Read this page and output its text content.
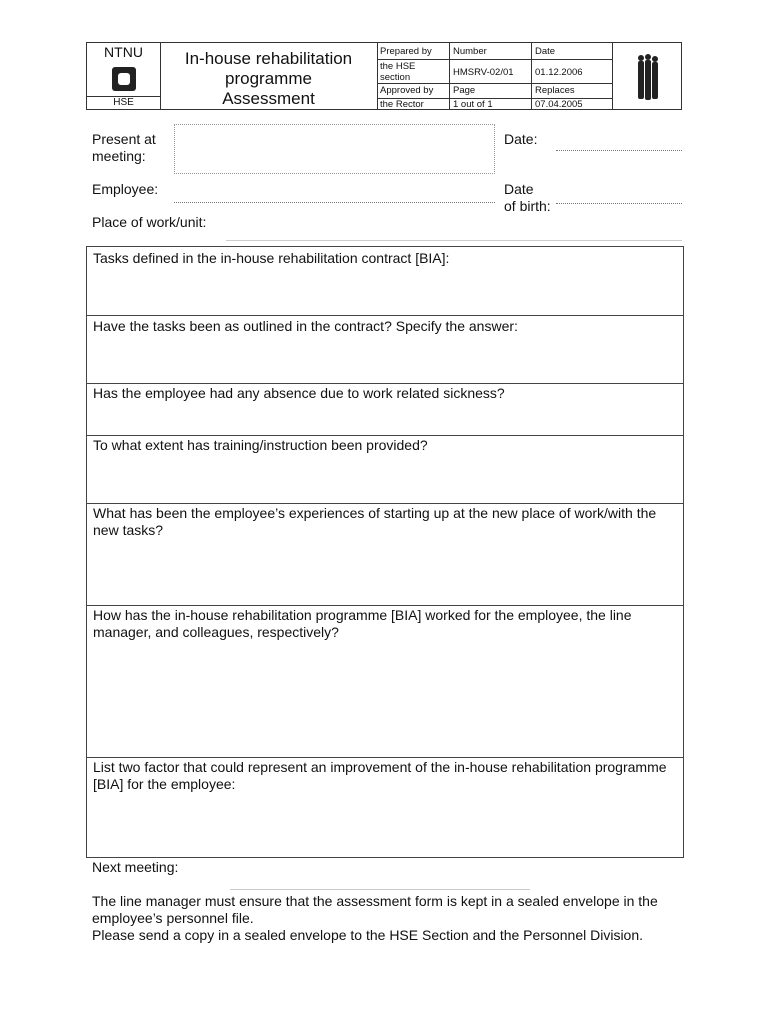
NTNU
HSE
In-house rehabilitation
programme
Assessment
Prepared by
the HSE
section
Approved by
the Rector
Number
HMSRV-02/01
Page
1 out of 1
Date
01.12.2006
Replaces
07.04.2005
Present at
meeting:
Date:
Employee:	Date
of birth:
Place of work/unit:
Tasks defined in the in-house rehabilitation contract [BIA]:
Have the tasks been as outlined in the contract? Specify the answer:
Has the employee had any absence due to work related sickness?
To what extent has training/instruction been provided?
What has been the employee’s experiences of starting up at the new place of work/with the new tasks?
How has the in-house rehabilitation programme [BIA] worked for the employee, the line manager, and colleagues, respectively?
List two factor that could represent an improvement of the in-house rehabilitation programme [BIA] for the employee:
Next meeting:
The line manager must ensure that the assessment form is kept in a sealed envelope in the employee’s personnel file.
Please send a copy in a sealed envelope to the HSE Section and the Personnel Division.
